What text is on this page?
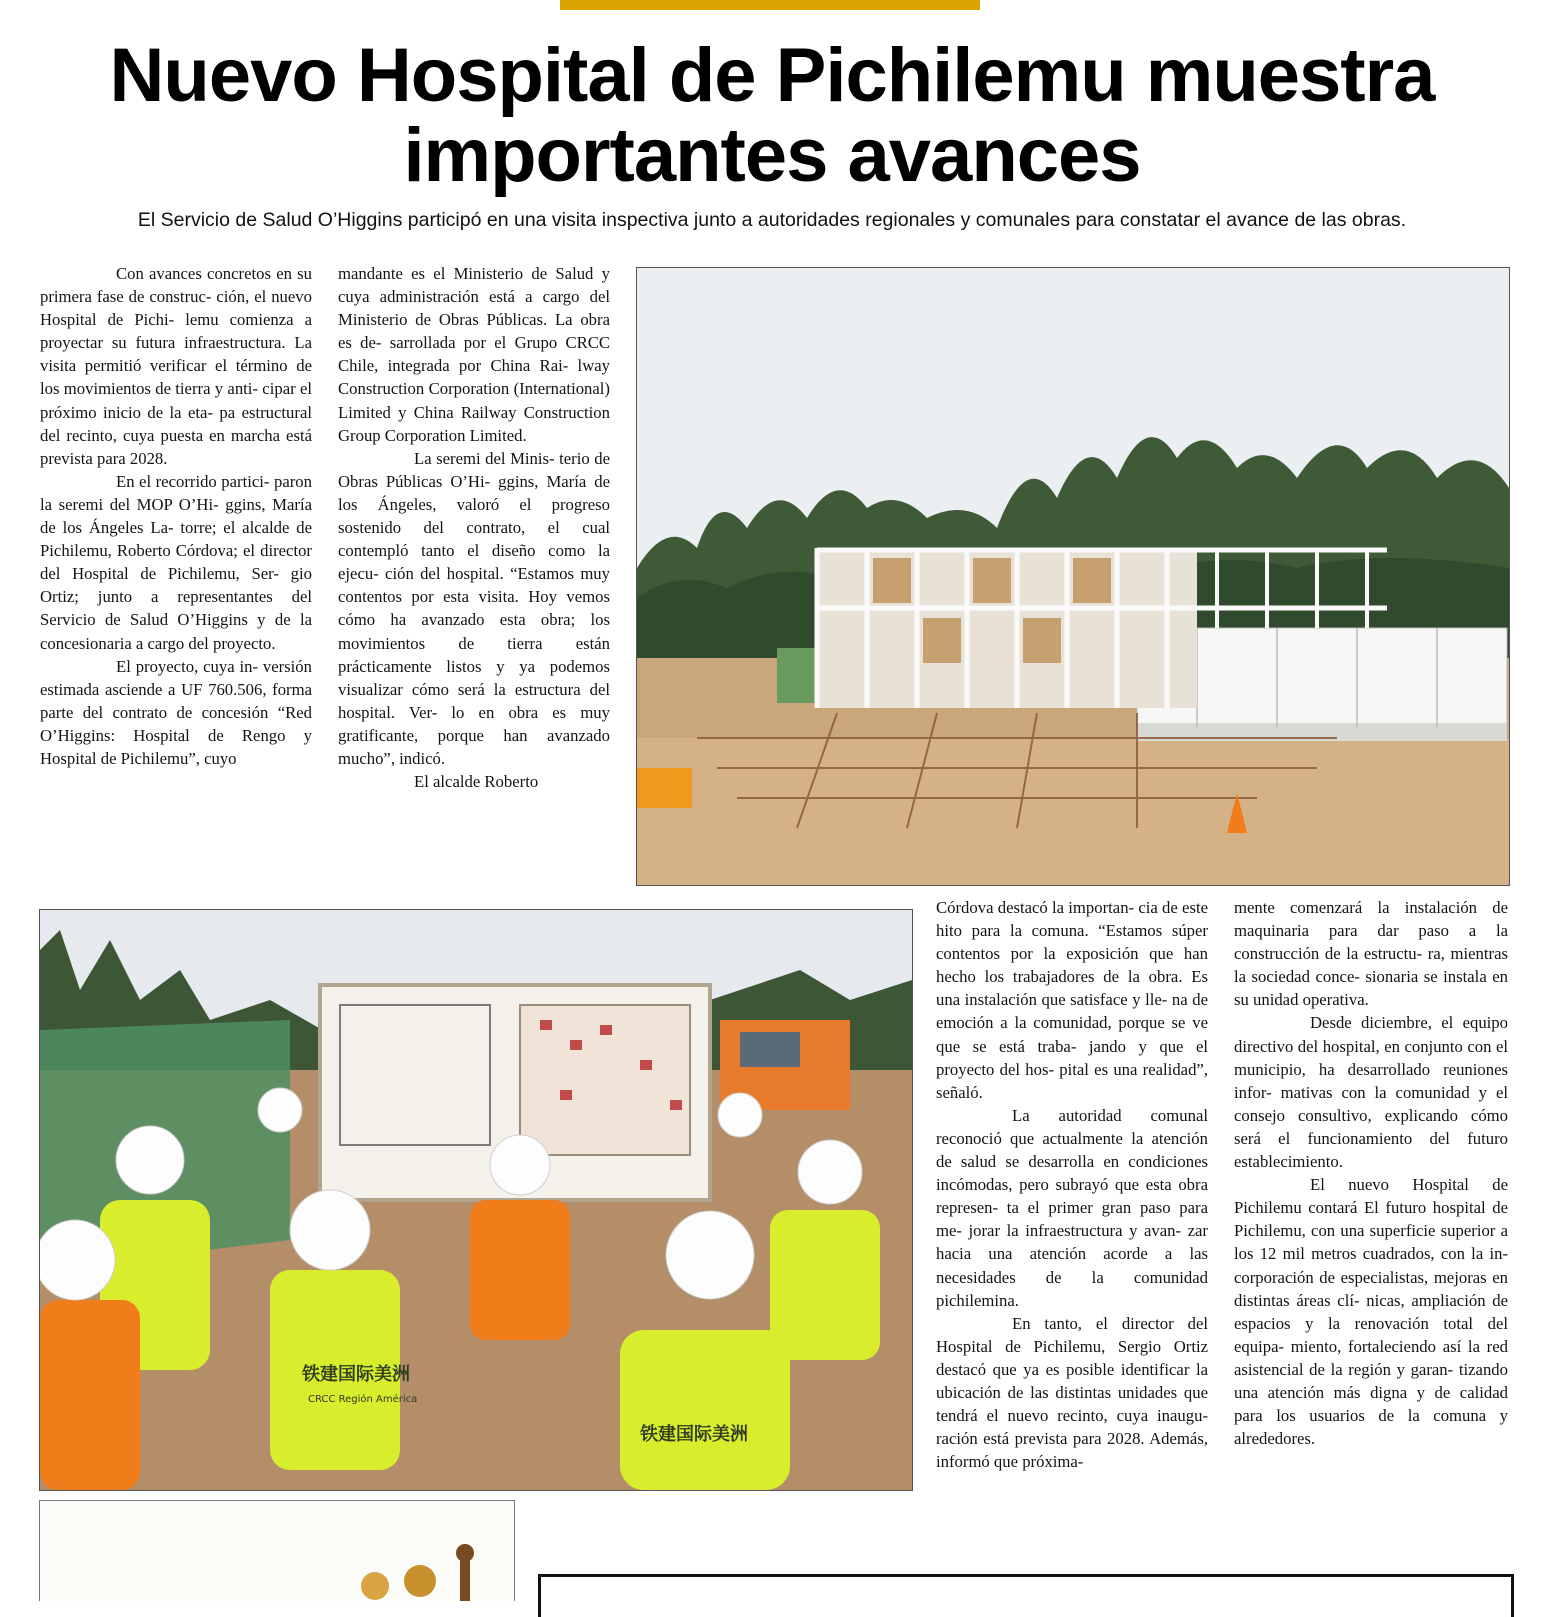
Nuevo Hospital de Pichilemu muestra
importantes avances

El Servicio de Salud O’Higgins participó en una visita inspectiva junto a autoridades regionales y comunales para constatar el avance de las obras.

Con avances concretos en su primera fase de construc- ción, el nuevo Hospital de Pichi- lemu comienza a proyectar su futura infraestructura. La visita permitió verificar el término de los movimientos de tierra y anti- cipar el próximo inicio de la eta- pa estructural del recinto, cuya puesta en marcha está prevista para 2028.

En el recorrido partici- paron la seremi del MOP O’Hi- ggins, María de los Ángeles La- torre; el alcalde de Pichilemu, Roberto Córdova; el director del Hospital de Pichilemu, Ser- gio Ortiz; junto a representantes del Servicio de Salud O’Higgins y de la concesionaria a cargo del proyecto.

El proyecto, cuya in- versión estimada asciende a UF 760.506, forma parte del contrato de concesión “Red O’Higgins: Hospital de Rengo y Hospital de Pichilemu”, cuyo

mandante es el Ministerio de Salud y cuya administración está a cargo del Ministerio de Obras Públicas. La obra es de- sarrollada por el Grupo CRCC Chile, integrada por China Rai- lway Construction Corporation (International) Limited y China Railway Construction Group Corporation Limited.

La seremi del Minis- terio de Obras Públicas O’Hi- ggins, María de los Ángeles, valoró el progreso sostenido del contrato, el cual contempló tanto el diseño como la ejecu- ción del hospital. “Estamos muy contentos por esta visita. Hoy vemos cómo ha avanzado esta obra; los movimientos de tierra están prácticamente listos y ya podemos visualizar cómo será la estructura del hospital. Ver- lo en obra es muy gratificante, porque han avanzado mucho”, indicó.

El alcalde Roberto

Córdova destacó la importan- cia de este hito para la comuna. “Estamos súper contentos por la exposición que han hecho los trabajadores de la obra. Es una instalación que satisface y lle- na de emoción a la comunidad, porque se ve que se está traba- jando y que el proyecto del hos- pital es una realidad”, señaló.

La autoridad comunal reconoció que actualmente la atención de salud se desarrolla en condiciones incómodas, pero subrayó que esta obra represen- ta el primer gran paso para me- jorar la infraestructura y avan- zar hacia una atención acorde a las necesidades de la comunidad pichilemina.

En tanto, el director del Hospital de Pichilemu, Sergio Ortiz destacó que ya es posible identificar la ubicación de las distintas unidades que tendrá el nuevo recinto, cuya inaugu- ración está prevista para 2028. Además, informó que próxima-

mente comenzará la instalación de maquinaria para dar paso a la construcción de la estructu- ra, mientras la sociedad conce- sionaria se instala en su unidad operativa.

Desde diciembre, el equipo directivo del hospital, en conjunto con el municipio, ha desarrollado reuniones infor- mativas con la comunidad y el consejo consultivo, explicando cómo será el funcionamiento del futuro establecimiento.

El nuevo Hospital de Pichilemu contará El futuro hospital de Pichilemu, con una superficie superior a los 12 mil metros cuadrados, con la in- corporación de especialistas, mejoras en distintas áreas clí- nicas, ampliación de espacios y la renovación total del equipa- miento, fortaleciendo así la red asistencial de la región y garan- tizando una atención más digna y de calidad para los usuarios de la comuna y alrededores.

铁建国际美洲
CRCC Región América
铁建国际美洲
